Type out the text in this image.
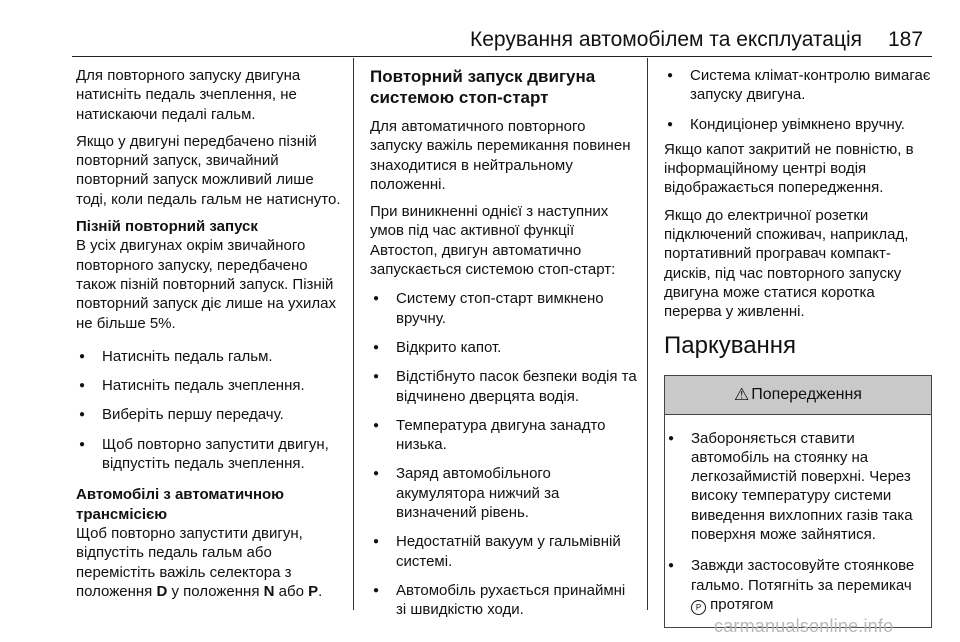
Керування автомобілем та експлуатація 187

Для повторного запуску двигуна натисніть педаль зчеплення, не натискаючи педалі гальм.

Якщо у двигуні передбачено пізній повторний запуск, звичайний повторний запуск можливий лише тоді, коли педаль гальм не натиснуто.

Пізній повторний запуск

В усіх двигунах окрім звичайного повторного запуску, передбачено також пізній повторний запуск. Пізній повторний запуск діє лише на ухилах не більше 5%.

● Натисніть педаль гальм.
● Натисніть педаль зчеплення.
● Виберіть першу передачу.
● Щоб повторно запустити двигун, відпустіть педаль зчеплення.
Автомобілі з автоматичною трансмісією

Щоб повторно запустити двигун, відпустіть педаль гальм або перемістіть важіль селектора з положення D у положення N або P.

Повторний запуск двигуна системою стоп-старт

Для автоматичного повторного запуску важіль перемикання повинен знаходитися в нейтральному положенні.

При виникненні однієї з наступних умов під час активної функції Автостоп, двигун автоматично запускається системою стоп-старт:

● Систему стоп-старт вимкнено вручну.
● Відкрито капот.
● Відстібнуто пасок безпеки водія та відчинено дверцята водія.
● Температура двигуна занадто низька.
● Заряд автомобільного акумулятора нижчий за визначений рівень.
● Недостатній вакуум у гальмівній системі.
● Автомобіль рухається принаймні зі швидкістю ходи.
● Система клімат-контролю вимагає запуску двигуна.
● Кондиціонер увімкнено вручну.

Якщо капот закритий не повністю, в інформаційному центрі водія відображається попередження.

Якщо до електричної розетки підключений споживач, наприклад, портативний програвач компакт-дисків, під час повторного запуску двигуна може статися коротка перерва у живленні.

Паркування
⚠ Попередження
● Забороняється ставити автомобіль на стоянку на легкозаймистій поверхні. Через високу температуру системи виведення вихлопних газів така поверхня може зайнятися.
● Завжди застосовуйте стоянкове гальмо. Потягніть за перемикач P протягом
carmanualsonline.info
